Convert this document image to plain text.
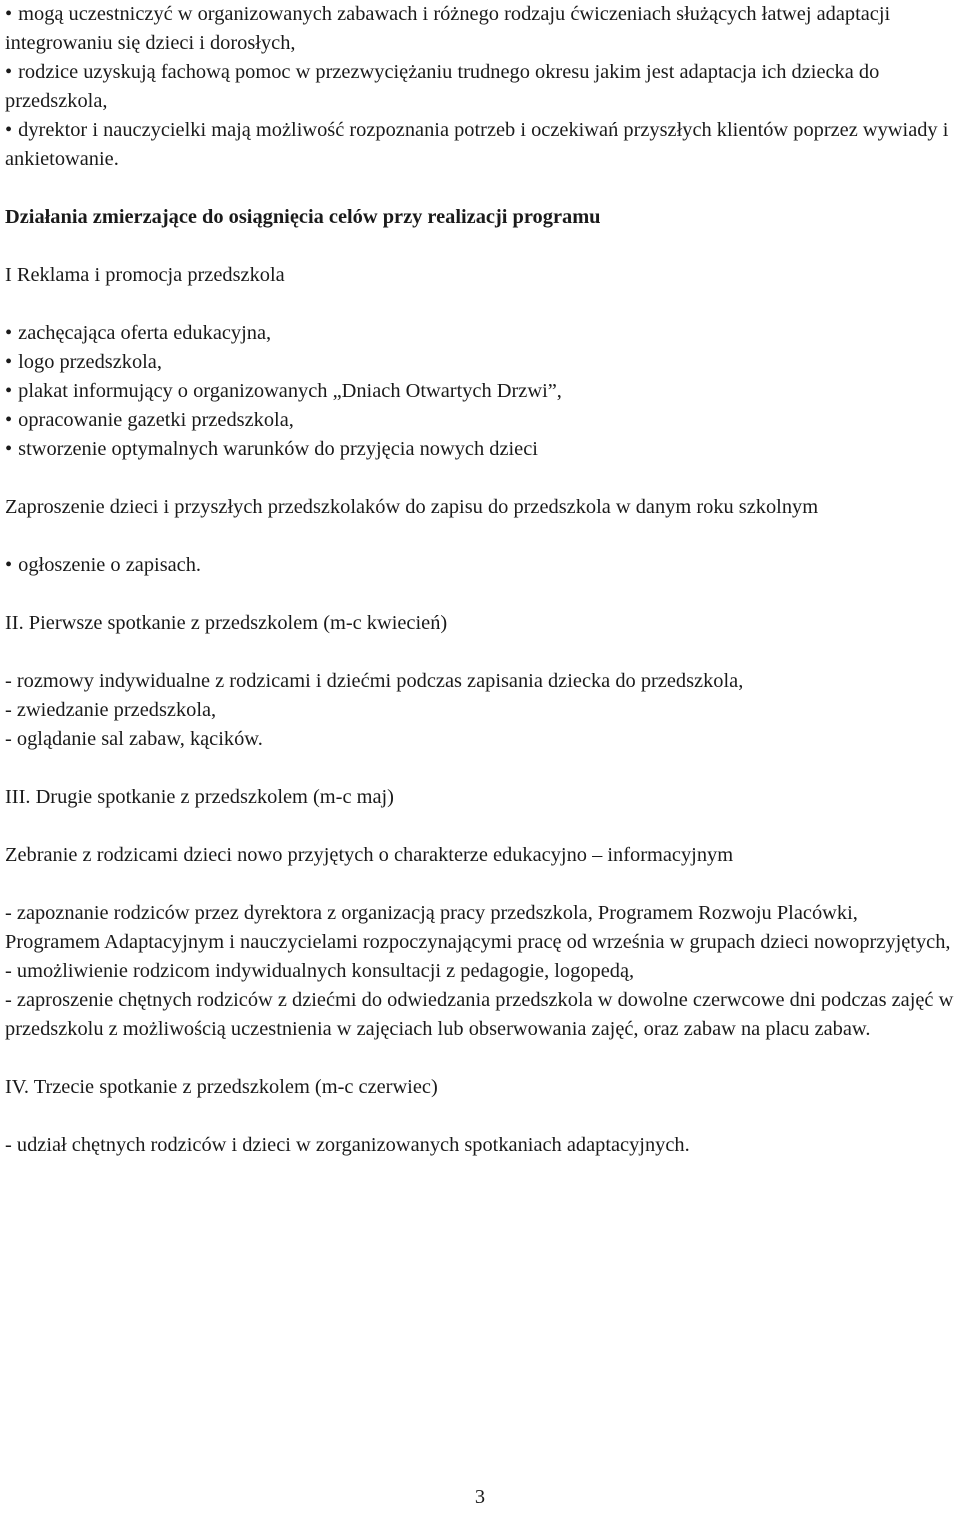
• mogą uczestniczyć w organizowanych zabawach i różnego rodzaju ćwiczeniach służących łatwej adaptacji integrowaniu się dzieci i dorosłych,
• rodzice uzyskują fachową pomoc w przezwyciężaniu trudnego okresu jakim jest adaptacja ich dziecka do przedszkola,
• dyrektor i nauczycielki mają możliwość rozpoznania potrzeb i oczekiwań przyszłych klientów poprzez wywiady i ankietowanie.

Działania zmierzające do osiągnięcia celów przy realizacji programu

I Reklama i promocja przedszkola

• zachęcająca oferta edukacyjna,
• logo przedszkola,
• plakat informujący o organizowanych „Dniach Otwartych Drzwi”,
• opracowanie gazetki przedszkola,
• stworzenie optymalnych warunków do przyjęcia nowych dzieci

Zaproszenie dzieci i przyszłych przedszkolaków do zapisu do przedszkola w danym roku szkolnym

• ogłoszenie o zapisach.

II. Pierwsze spotkanie z przedszkolem (m-c kwiecień)

- rozmowy indywidualne z rodzicami i dziećmi podczas zapisania dziecka do przedszkola,
- zwiedzanie przedszkola,
- oglądanie sal zabaw, kącików.

III. Drugie spotkanie z przedszkolem (m-c maj)

Zebranie z rodzicami dzieci nowo przyjętych o charakterze edukacyjno – informacyjnym

- zapoznanie rodziców przez dyrektora z organizacją pracy przedszkola, Programem Rozwoju Placówki, Programem Adaptacyjnym i nauczycielami rozpoczynającymi pracę od września w grupach dzieci nowoprzyjętych,
- umożliwienie rodzicom indywidualnych konsultacji z pedagogie, logopedą,
- zaproszenie chętnych rodziców z dziećmi do odwiedzania przedszkola w dowolne czerwcowe dni podczas zajęć w przedszkolu z możliwością uczestnienia w zajęciach lub obserwowania zajęć, oraz zabaw na placu zabaw.

IV. Trzecie spotkanie z przedszkolem (m-c czerwiec)

- udział chętnych rodziców i dzieci w zorganizowanych spotkaniach adaptacyjnych.

3
